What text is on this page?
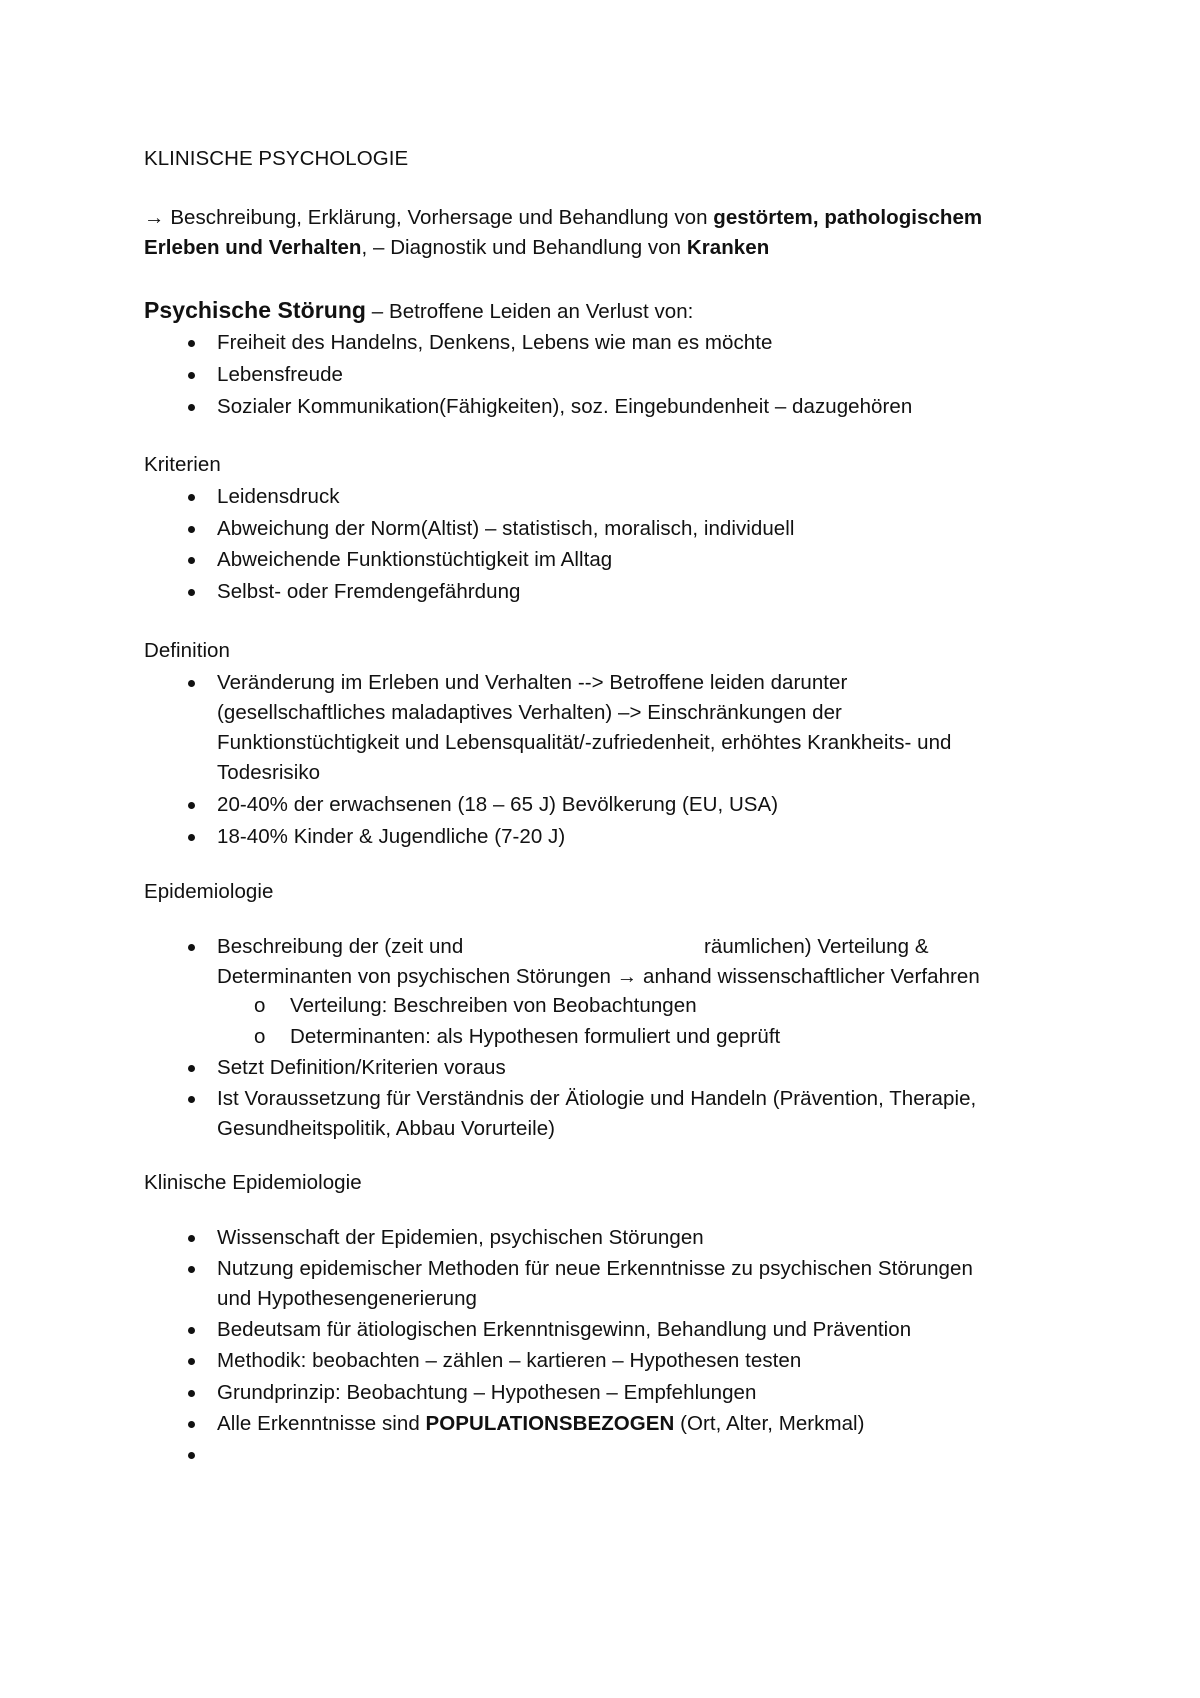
KLINISCHE PSYCHOLOGIE
→ Beschreibung, Erklärung, Vorhersage und Behandlung von gestörtem, pathologischem
Erleben und Verhalten, – Diagnostik und Behandlung von Kranken
Psychische Störung – Betroffene Leiden an Verlust von:
Freiheit des Handelns, Denkens, Lebens wie man es möchte
Lebensfreude
Sozialer Kommunikation(Fähigkeiten), soz. Eingebundenheit – dazugehören
Kriterien
Leidensdruck
Abweichung der Norm(Altist) – statistisch, moralisch, individuell
Abweichende Funktionstüchtigkeit im Alltag
Selbst- oder Fremdengefährdung
Definition
Veränderung im Erleben und Verhalten --> Betroffene leiden darunter
(gesellschaftliches maladaptives Verhalten) –> Einschränkungen der
Funktionstüchtigkeit und Lebensqualität/-zufriedenheit, erhöhtes Krankheits- und
Todesrisiko
20-40% der erwachsenen (18 – 65 J) Bevölkerung (EU, USA)
18-40% Kinder & Jugendliche (7-20 J)
Epidemiologie
Beschreibung der (zeit und	räumlichen) Verteilung &
Determinanten von psychischen Störungen → anhand wissenschaftlicher Verfahren
o Verteilung: Beschreiben von Beobachtungen
o Determinanten: als Hypothesen formuliert und geprüft
Setzt Definition/Kriterien voraus
Ist Voraussetzung für Verständnis der Ätiologie und Handeln (Prävention, Therapie,
Gesundheitspolitik, Abbau Vorurteile)
Klinische Epidemiologie
Wissenschaft der Epidemien, psychischen Störungen
Nutzung epidemischer Methoden für neue Erkenntnisse zu psychischen Störungen
und Hypothesengenerierung
Bedeutsam für ätiologischen Erkenntnisgewinn, Behandlung und Prävention
Methodik: beobachten – zählen – kartieren – Hypothesen testen
Grundprinzip: Beobachtung – Hypothesen – Empfehlungen
Alle Erkenntnisse sind POPULATIONSBEZOGEN (Ort, Alter, Merkmal)
